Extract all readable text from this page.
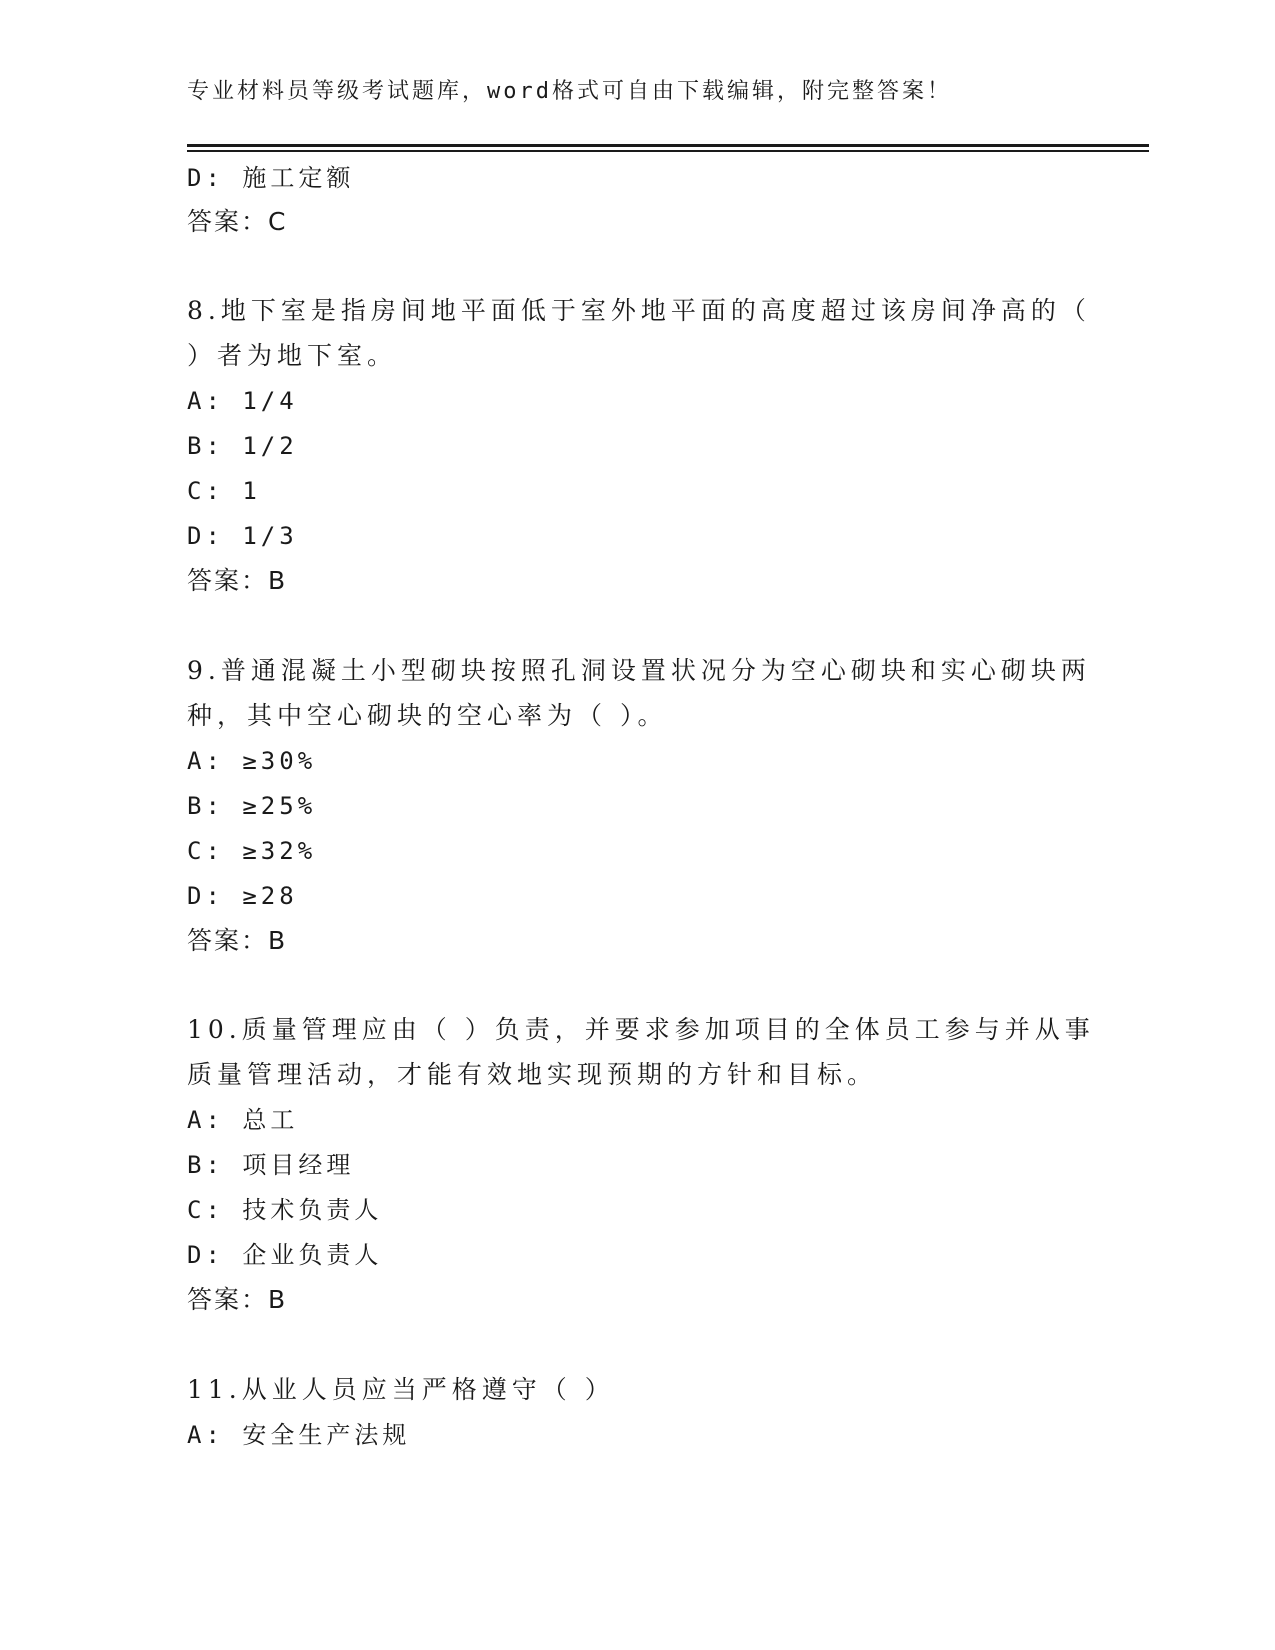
专业材料员等级考试题库，word格式可自由下载编辑，附完整答案！
D: 施工定额
答案：C
8.地下室是指房间地平面低于室外地平面的高度超过该房间净高的（
）者为地下室。
A: 1/4
B: 1/2
C: 1
D: 1/3
答案：B
9.普通混凝土小型砌块按照孔洞设置状况分为空心砌块和实心砌块两
种，其中空心砌块的空心率为（ ）。
A: ≥30%
B: ≥25%
C: ≥32%
D: ≥28
答案：B
10.质量管理应由（ ）负责，并要求参加项目的全体员工参与并从事
质量管理活动，才能有效地实现预期的方针和目标。
A: 总工
B: 项目经理
C: 技术负责人
D: 企业负责人
答案：B
11.从业人员应当严格遵守（ ）
A: 安全生产法规
